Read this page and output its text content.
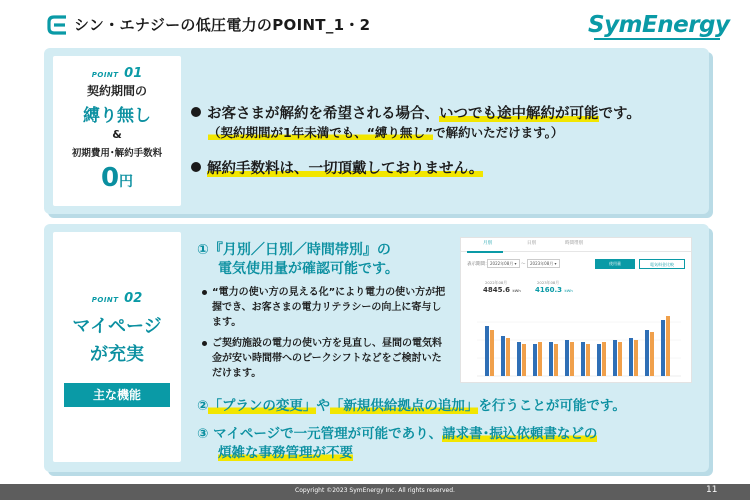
シン・エナジーの低圧電力のPOINT_1・2	SymEnergy
POINT 01
契約期間の
縛り無し
&
初期費用･解約手数料
0円
お客さまが解約を希望される場合、いつでも途中解約が可能です。
（契約期間が1年未満でも、“縛り無し”で解約いただけます。）
解約手数料は、一切頂戴しておりません。
POINT 02
マイページ
が充実
主な機能
①『月別／日別／時間帯別』の
電気使用量が確認可能です。
“電力の使い方の見える化”により電力の使い方が把握でき、お客さまの電力リテラシーの向上に寄与します。
ご契約施設の電力の使い方を見直し、昼間の電気料金が安い時間帯へのピークシフトなどをご検討いただけます。
②「プランの変更」や「新規供給拠点の追加」を行うことが可能です。
③ マイページで一元管理が可能であり、請求書･振込依頼書などの
煩雑な事務管理が不要
月別	日別	時間帯別
表示期間： 2022年08月 ▾ 〜	2023年08月 ▾	使用量	電気料金比較
2022年08月
4845.6 kWh
2023年08月
4160.3 kWh
Copyright ©2023 SymEnergy Inc. All rights reserved.	11
